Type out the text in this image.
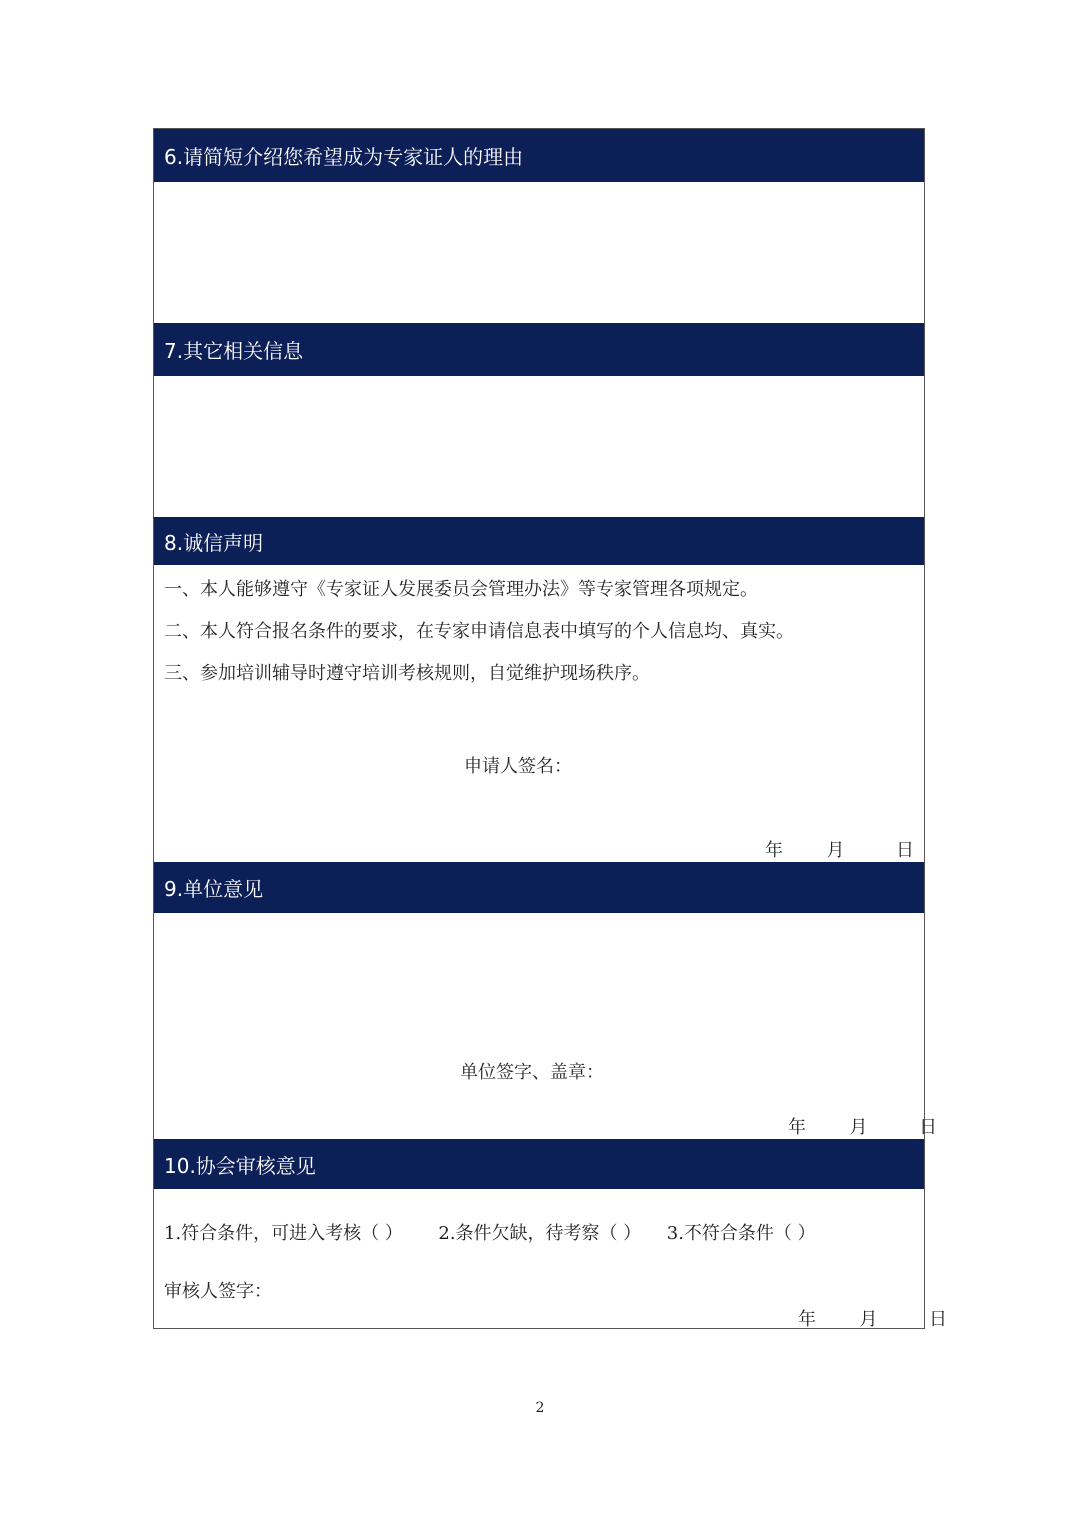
6.请简短介绍您希望成为专家证人的理由
7.其它相关信息
8.诚信声明
一、本人能够遵守《专家证人发展委员会管理办法》等专家管理各项规定。
二、本人符合报名条件的要求，在专家申请信息表中填写的个人信息均、真实。
三、参加培训辅导时遵守培训考核规则，自觉维护现场秩序。
申请人签名：
年 月	日
9.单位意见
单位签字、盖章：
年 月	日
10.协会审核意见
1.符合条件，可进入考核（ ） 2.条件欠缺，待考察（ ） 3.不符合条件（ ）
审核人签字：
年 月	日
2
